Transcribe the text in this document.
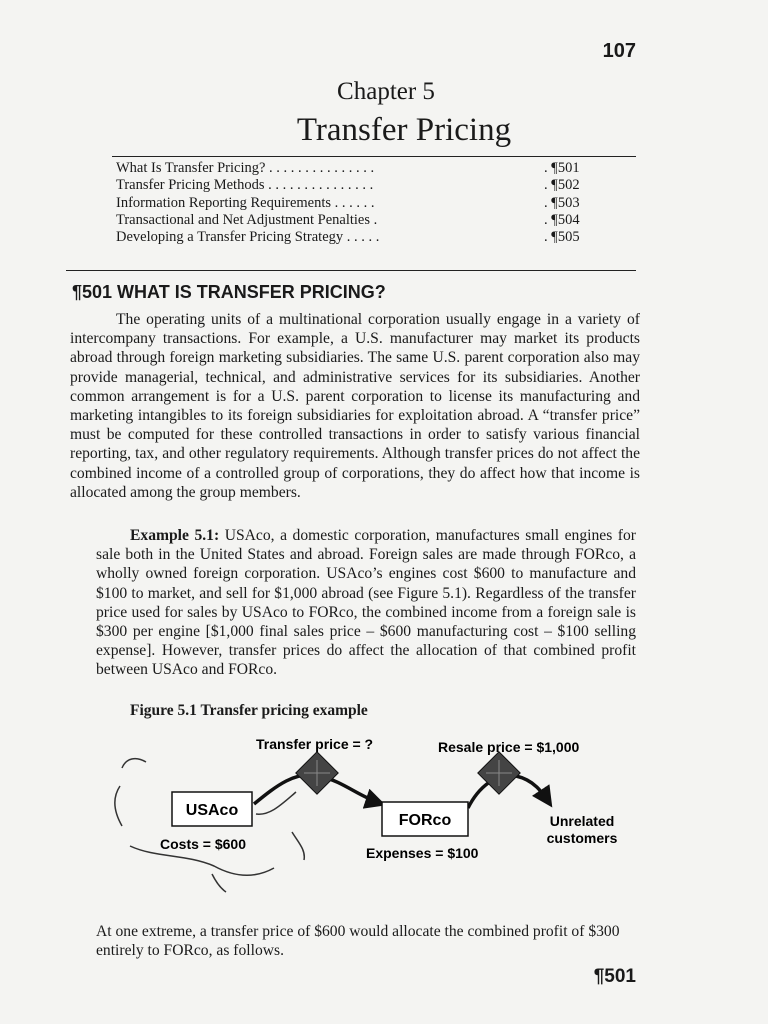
107
Chapter 5
Transfer Pricing
What Is Transfer Pricing? . . . . . . . . . . . . . . .	. ¶501
Transfer Pricing Methods . . . . . . . . . . . . . . .	. ¶502
Information Reporting Requirements . . . . . .	. ¶503
Transactional and Net Adjustment Penalties .	. ¶504
Developing a Transfer Pricing Strategy . . . . .	. ¶505
¶501 WHAT IS TRANSFER PRICING?
The operating units of a multinational corporation usually engage in a variety of intercompany transactions. For example, a U.S. manufacturer may market its products abroad through foreign marketing subsidiaries. The same U.S. parent corporation also may provide managerial, technical, and administrative services for its subsidiaries. Another common arrangement is for a U.S. parent corporation to license its manufacturing and marketing intangibles to its foreign subsidiaries for exploitation abroad. A “transfer price” must be computed for these controlled transactions in order to satisfy various financial reporting, tax, and other regulatory requirements. Although transfer prices do not affect the combined income of a controlled group of corporations, they do affect how that income is allocated among the group members.
Example 5.1: USAco, a domestic corporation, manufactures small engines for sale both in the United States and abroad. Foreign sales are made through FORco, a wholly owned foreign corporation. USAco’s engines cost $600 to manufacture and $100 to market, and sell for $1,000 abroad (see Figure 5.1). Regardless of the transfer price used for sales by USAco to FORco, the combined income from a foreign sale is $300 per engine [$1,000 final sales price – $600 manufacturing cost – $100 selling expense]. However, transfer prices do affect the allocation of that combined profit between USAco and FORco.
Figure 5.1 Transfer pricing example
Transfer price = ?	Resale price = $1,000
USAco
Costs = $600
FORco
Expenses = $100
Unrelated
customers
At one extreme, a transfer price of $600 would allocate the combined profit of $300 entirely to FORco, as follows.
¶501
